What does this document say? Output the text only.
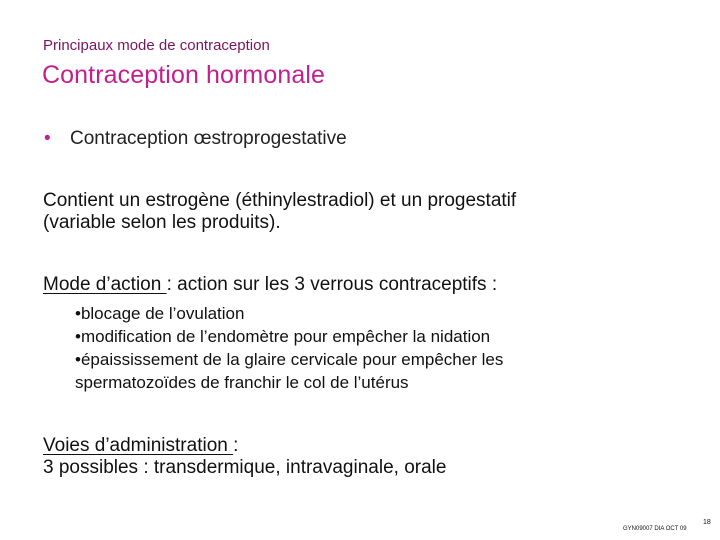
Principaux mode de contraception
Contraception hormonale
• Contraception œstroprogestative
Contient un estrogène (éthinylestradiol) et un progestatif
(variable selon les produits).
Mode d’action : action sur les 3 verrous contraceptifs :
•blocage de l’ovulation
•modification de l’endomètre pour empêcher la nidation
•épaississement de la glaire cervicale pour empêcher les
spermatozoïdes de franchir le col de l’utérus
Voies d’administration :
3 possibles : transdermique, intravaginale, orale
GYN09007 DIA OCT 09
18
